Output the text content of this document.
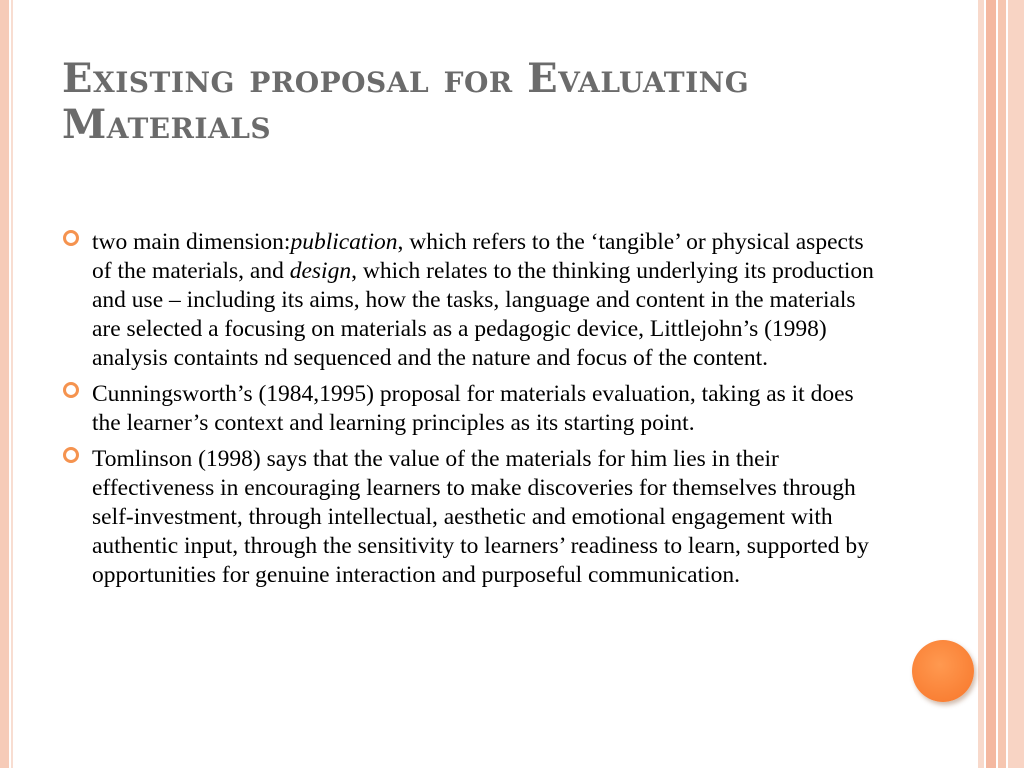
Existing proposal for Evaluating Materials
two main dimension:publication, which refers to the ‘tangible’ or physical aspects of the materials, and design, which relates to the thinking underlying its production and use – including its aims, how the tasks, language and content in the materials are selected a focusing on materials as a pedagogic device, Littlejohn’s (1998) analysis containts nd sequenced and the nature and focus of the content.
Cunningsworth’s (1984,1995) proposal for materials evaluation, taking as it does the learner’s context and learning principles as its starting point.
Tomlinson (1998) says that the value of the materials for him lies in their effectiveness in encouraging learners to make discoveries for themselves through self-investment, through intellectual, aesthetic and emotional engagement with authentic input, through the sensitivity to learners’ readiness to learn, supported by opportunities for genuine interaction and purposeful communication.
